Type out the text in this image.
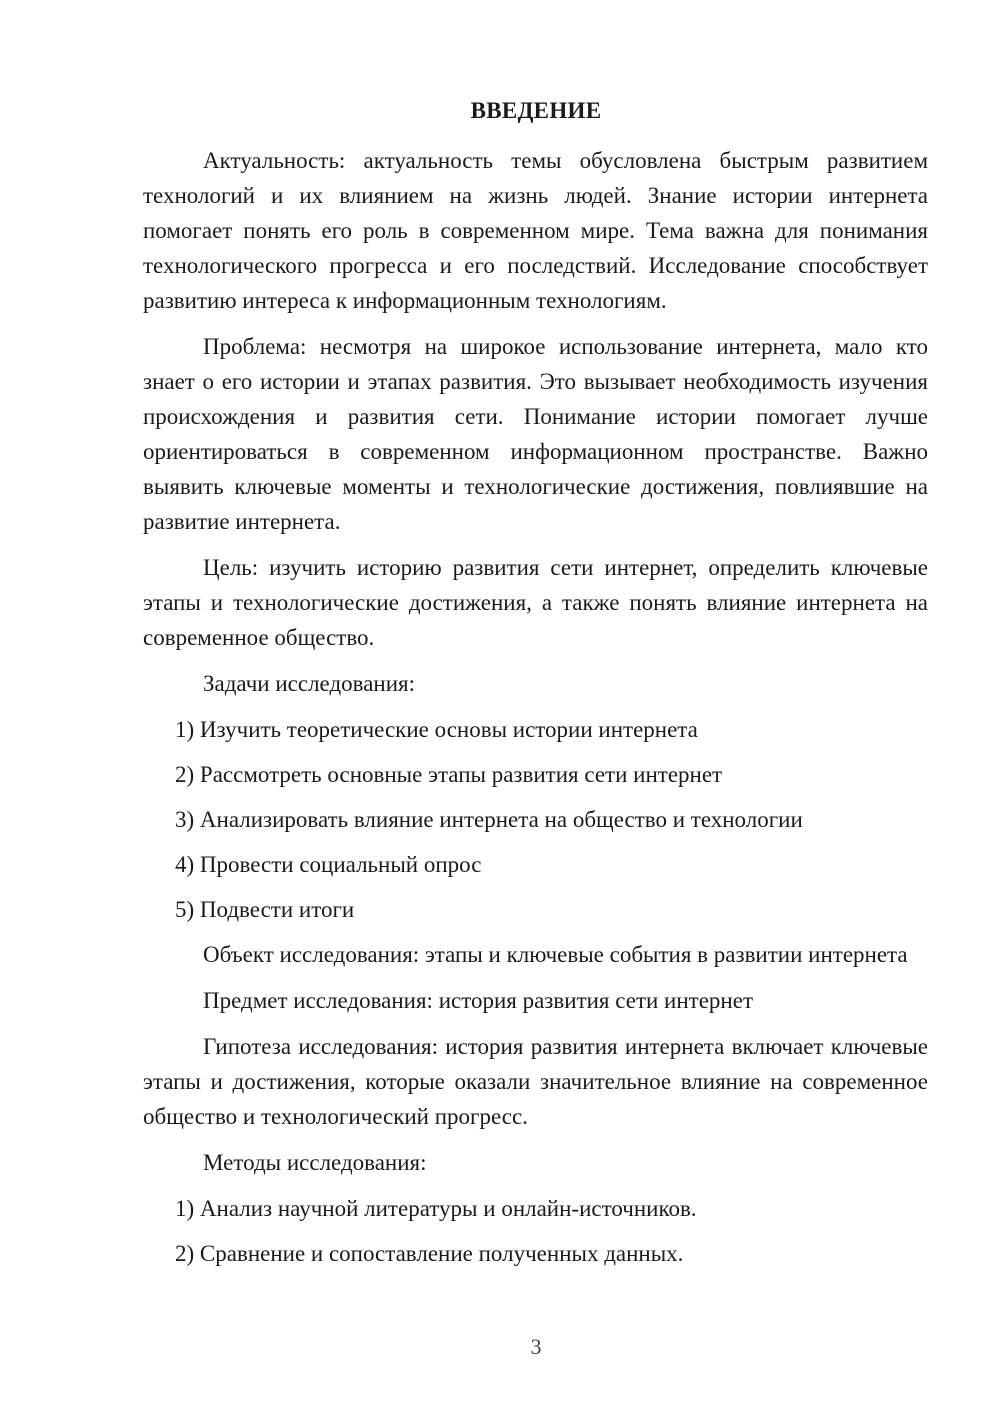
ВВЕДЕНИЕ

Актуальность: актуальность темы обусловлена быстрым развитием технологий и их влиянием на жизнь людей. Знание истории интернета помогает понять его роль в современном мире. Тема важна для понимания технологического прогресса и его последствий. Исследование способствует развитию интереса к информационным технологиям.

Проблема: несмотря на широкое использование интернета, мало кто знает о его истории и этапах развития. Это вызывает необходимость изучения происхождения и развития сети. Понимание истории помогает лучше ориентироваться в современном информационном пространстве. Важно выявить ключевые моменты и технологические достижения, повлиявшие на развитие интернета.

Цель: изучить историю развития сети интернет, определить ключевые этапы и технологические достижения, а также понять влияние интернета на современное общество.

Задачи исследования:

1) Изучить теоретические основы истории интернета
2) Рассмотреть основные этапы развития сети интернет
3) Анализировать влияние интернета на общество и технологии
4) Провести социальный опрос
5) Подвести итоги

Объект исследования: этапы и ключевые события в развитии интернета

Предмет исследования: история развития сети интернет

Гипотеза исследования: история развития интернета включает ключевые этапы и достижения, которые оказали значительное влияние на современное общество и технологический прогресс.

Методы исследования:

1) Анализ научной литературы и онлайн-источников.
2) Сравнение и сопоставление полученных данных.
3
